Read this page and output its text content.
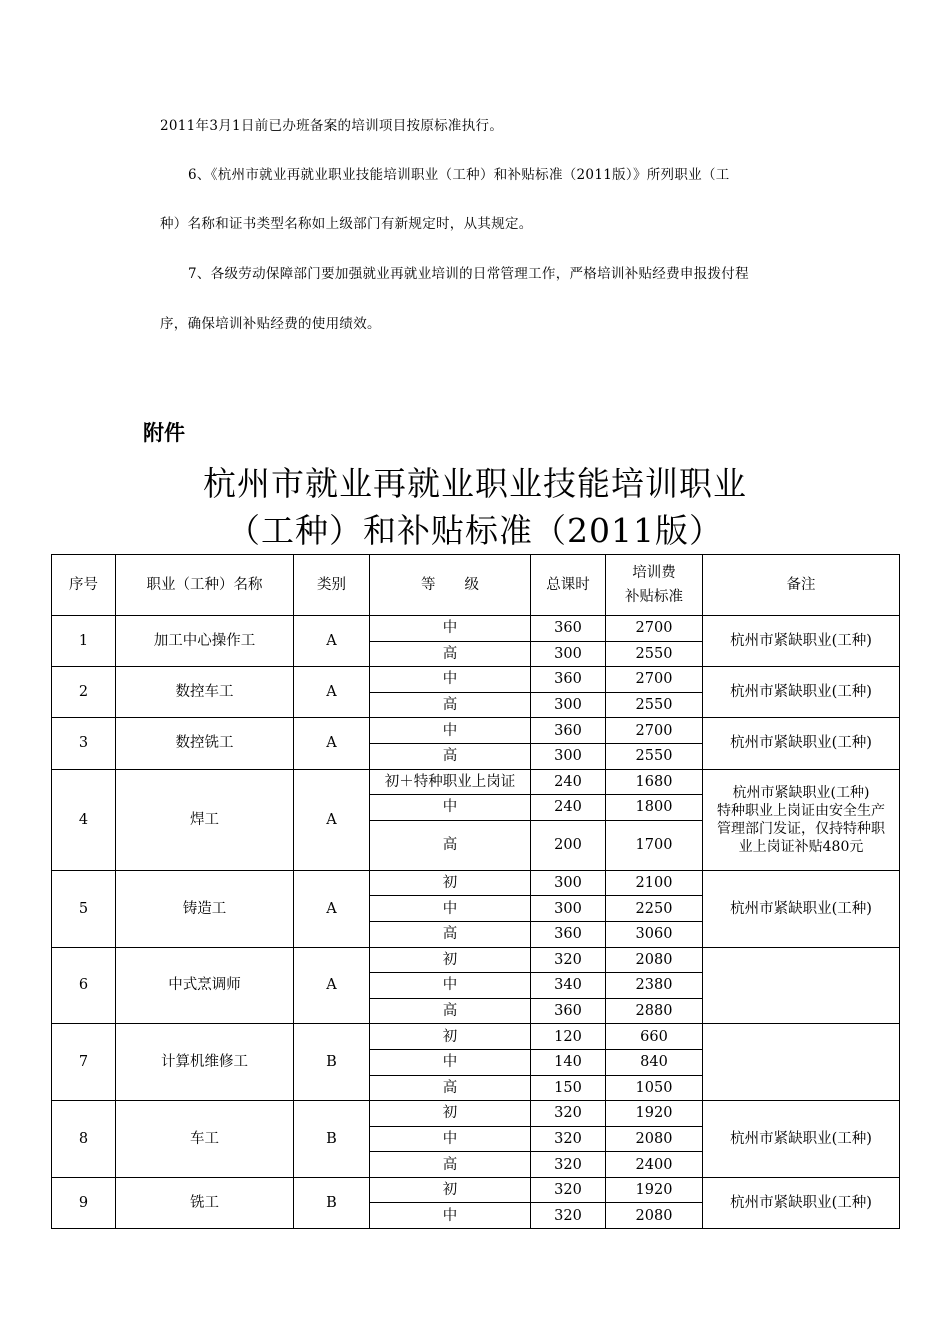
2011年3月1日前已办班备案的培训项目按原标准执行。
6、《杭州市就业再就业职业技能培训职业（工种）和补贴标准（2011版）》所列职业（工
种）名称和证书类型名称如上级部门有新规定时，从其规定。
7、各级劳动保障部门要加强就业再就业培训的日常管理工作，严格培训补贴经费申报拨付程
序，确保培训补贴经费的使用绩效。
附件
杭州市就业再就业职业技能培训职业
（工种）和补贴标准（2011版）
序号	职业（工种）名称	类别	等　　级	总课时	培训费
补贴标准	备注
1	加工中心操作工	A	中	360	2700	杭州市紧缺职业(工种)
			高	300	2550	
2	数控车工	A	中	360	2700	杭州市紧缺职业(工种)
			高	300	2550	
3	数控铣工	A	中	360	2700	杭州市紧缺职业(工种)
			高	300	2550	
4	焊工	A	初＋特种职业上岗证	240	1680	杭州市紧缺职业(工种)
特种职业上岗证由安全生产
管理部门发证，仅持特种职
业上岗证补贴480元

			中	240	1800	
			高	200	1700	
5	铸造工	A	初	300	2100	杭州市紧缺职业(工种)
			中	300	2250	
			高	360	3060	
6	中式烹调师	A	初	320	2080	
			中	340	2380	
			高	360	2880	
7	计算机维修工	B	初	120	660	
			中	140	840	
			高	150	1050	
8	车工	B	初	320	1920	杭州市紧缺职业(工种)
			中	320	2080	
			高	320	2400	
9	铣工	B	初	320	1920	杭州市紧缺职业(工种)
			中	320	2080	
